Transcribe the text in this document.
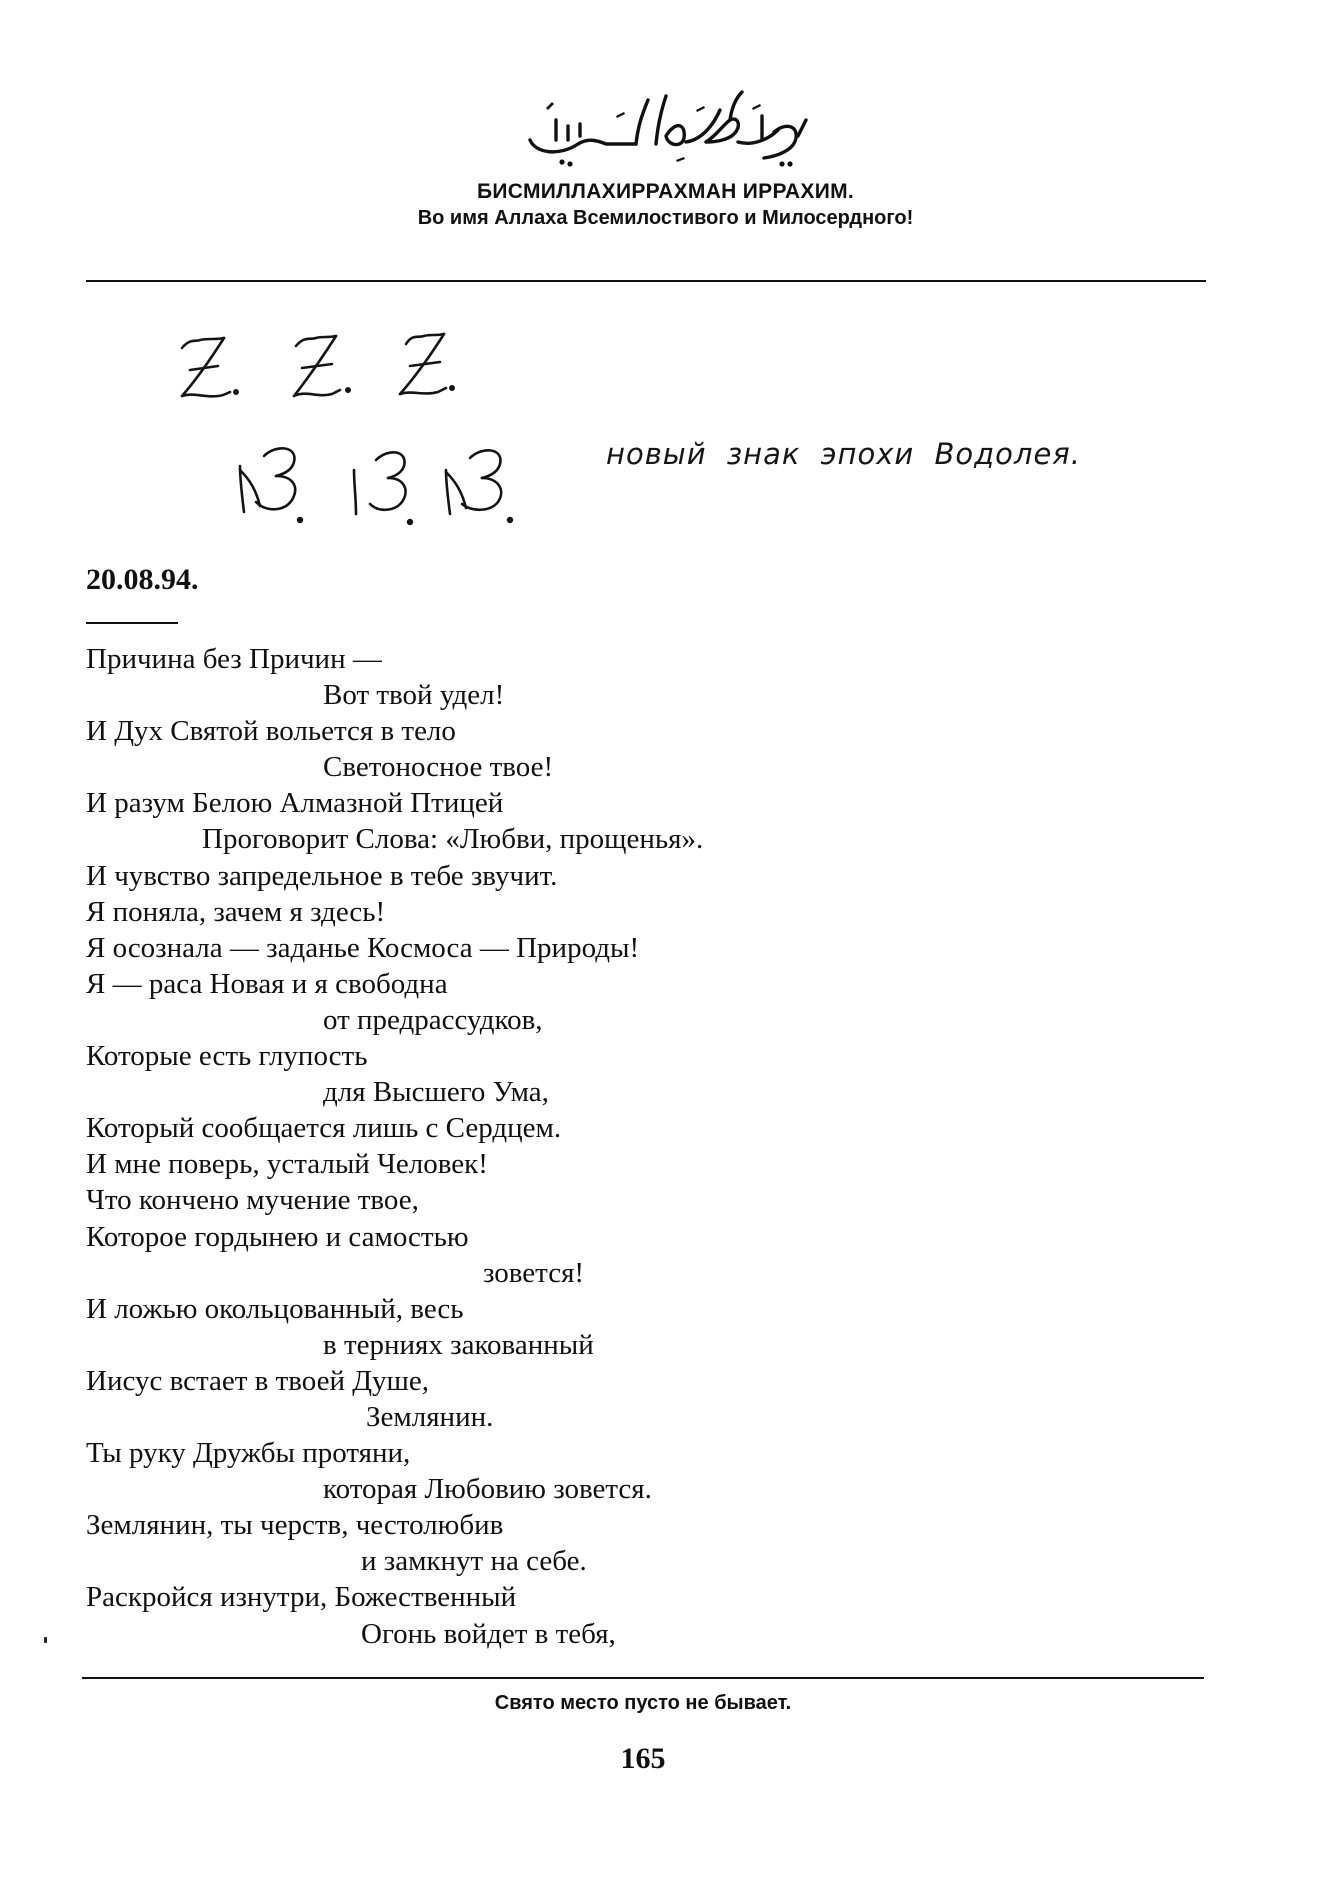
БИСМИЛЛАХИРРАХМАН ИРРАХИМ.
Во имя Аллаха Всемилостивого и Милосердного!
новый знак эпохи Водолея.
20.08.94.
Причина без Причин —
Вот твой удел!
И Дух Святой вольется в тело
Светоносное твое!
И разум Белою Алмазной Птицей
Проговорит Слова: «Любви, прощенья».
И чувство запредельное в тебе звучит.
Я поняла, зачем я здесь!
Я осознала — заданье Космоса — Природы!
Я — раса Новая и я свободна
от предрассудков,
Которые есть глупость
для Высшего Ума,
Который сообщается лишь с Сердцем.
И мне поверь, усталый Человек!
Что кончено мучение твое,
Которое гордынею и самостью
зовется!
И ложью окольцованный, весь
в терниях закованный
Иисус встает в твоей Душе,
Землянин.
Ты руку Дружбы протяни,
которая Любовию зовется.
Землянин, ты черств, честолюбив
и замкнут на себе.
Раскройся изнутри, Божественный
Огонь войдет в тебя,
Свято место пусто не бывает.
165
